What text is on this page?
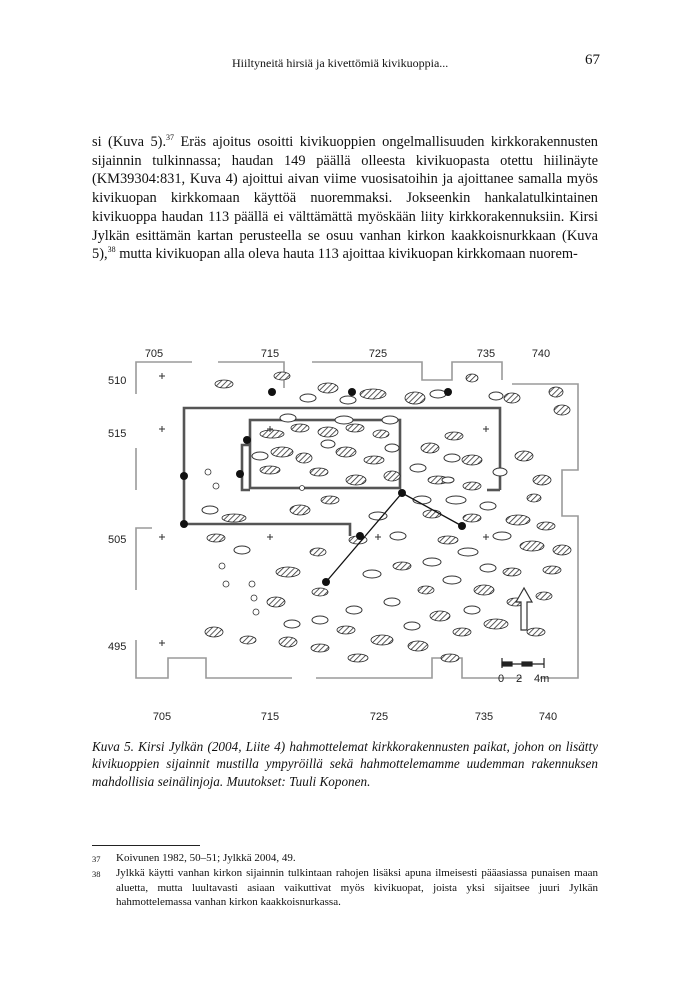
Hiiltyneitä hirsiä ja kivettömiä kivikuoppia...	67

si (Kuva 5).$^{37}$ Eräs ajoitus osoitti kivikuoppien ongelmallisuuden kirkkorakennusten sijainnin tulkinnassa; haudan 149 päällä olleesta kivikuopasta otettu hiilinäyte (KM39304:831, Kuva 4) ajoittui aivan viime vuosisatoihin ja ajoittanee samalla myös kivikuopan kirkkomaan käyttöä nuoremmaksi. Jokseenkin hankalatulkintainen kivikuoppa haudan 113 päällä ei välttämättä myöskään liity kirkkorakennuksiin. Kirsi Jylkän esittämän kartan perusteella se osuu vanhan kirkon kaakkoisnurkkaan (Kuva 5),$^{38}$ mutta kivikuopan alla oleva hauta 113 ajoittaa kivikuopan kirkkomaan nuorem-

705	715	725	735	740
705	715	725	735	740
510
515
505
495
0 2 4m

Kuva 5. Kirsi Jylkän (2004, Liite 4) hahmottelemat kirkkorakennusten paikat, johon on lisätty kivikuoppien sijainnit mustilla ympyröillä sekä hahmottelemamme uudemman rakennuksen mahdollisia seinälinjoja. Muutokset: Tuuli Koponen.

37	Koivunen 1982, 50–51; Jylkkä 2004, 49.
38	Jylkkä käytti vanhan kirkon sijainnin tulkintaan rahojen lisäksi apuna ilmeisesti pääasiassa punaisen maan aluetta, mutta luultavasti asiaan vaikuttivat myös kivikuopat, joista yksi sijaitsee juuri Jylkän hahmottelemassa vanhan kirkon kaakkoisnurkassa.
